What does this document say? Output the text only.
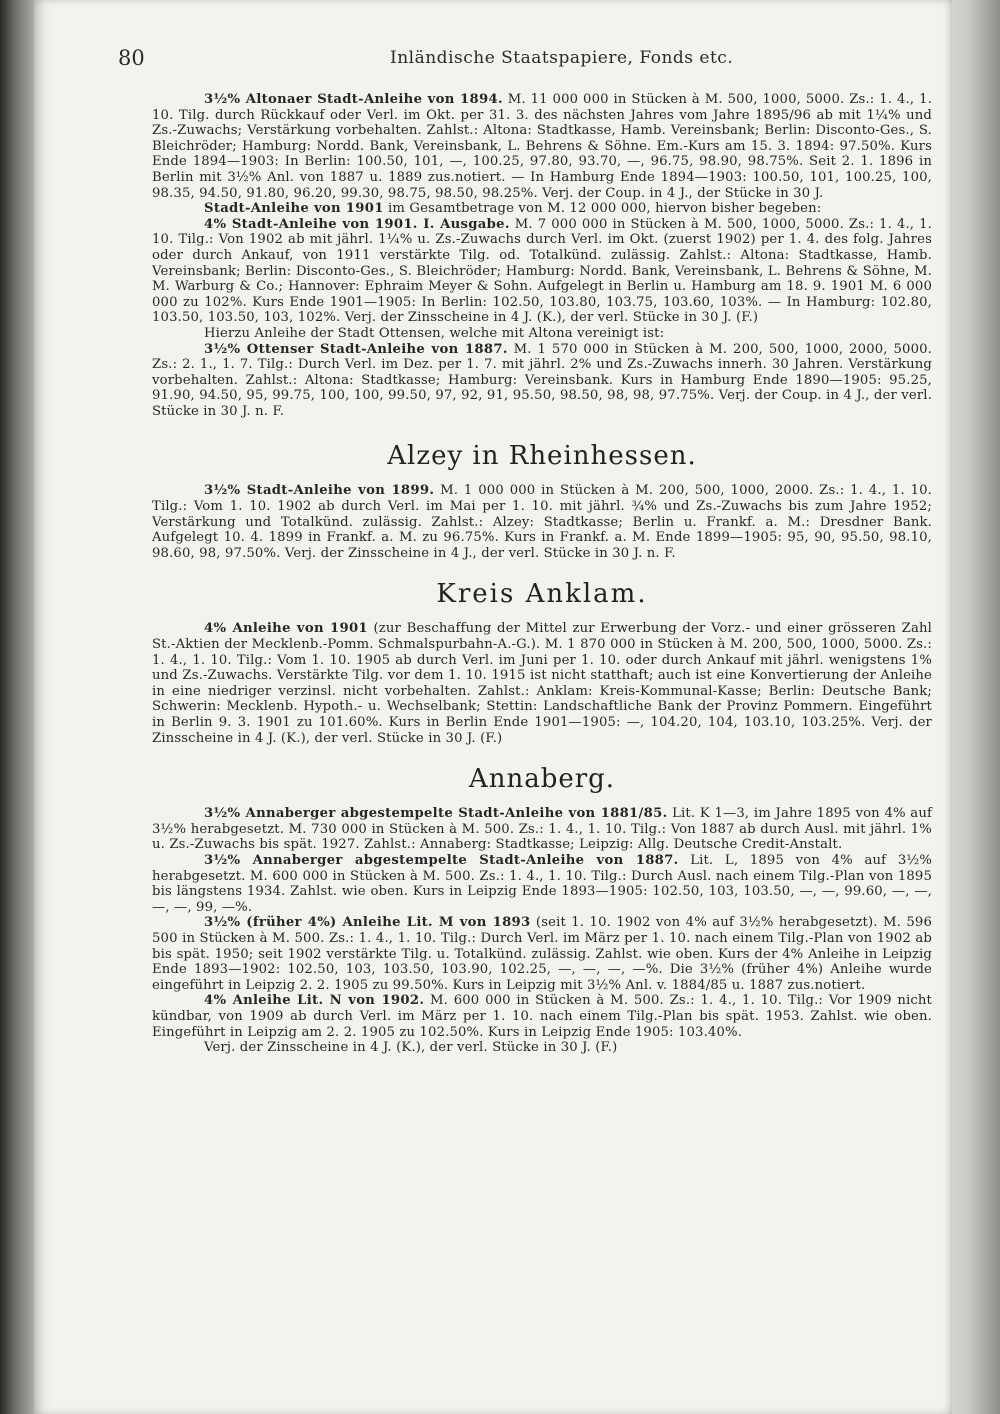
80	Inländische Staatspapiere, Fonds etc.

3½% Altonaer Stadt-Anleihe von 1894. M. 11 000 000 in Stücken à M. 500, 1000, 5000. Zs.: 1. 4., 1. 10. Tilg. durch Rückkauf oder Verl. im Okt. per 31. 3. des nächsten Jahres vom Jahre 1895/96 ab mit 1¼% und Zs.-Zuwachs; Verstärkung vorbehalten. Zahlst.: Altona: Stadtkasse, Hamb. Vereinsbank; Berlin: Disconto-Ges., S. Bleichröder; Hamburg: Nordd. Bank, Vereinsbank, L. Behrens & Söhne. Em.-Kurs am 15. 3. 1894: 97.50%. Kurs Ende 1894—1903: In Berlin: 100.50, 101, —, 100.25, 97.80, 93.70, —, 96.75, 98.90, 98.75%. Seit 2. 1. 1896 in Berlin mit 3½% Anl. von 1887 u. 1889 zus.notiert. — In Hamburg Ende 1894—1903: 100.50, 101, 100.25, 100, 98.35, 94.50, 91.80, 96.20, 99.30, 98.75, 98.50, 98.25%. Verj. der Coup. in 4 J., der Stücke in 30 J.

Stadt-Anleihe von 1901 im Gesamtbetrage von M. 12 000 000, hiervon bisher begeben:

4% Stadt-Anleihe von 1901. I. Ausgabe. M. 7 000 000 in Stücken à M. 500, 1000, 5000. Zs.: 1. 4., 1. 10. Tilg.: Von 1902 ab mit jährl. 1¼% u. Zs.-Zuwachs durch Verl. im Okt. (zuerst 1902) per 1. 4. des folg. Jahres oder durch Ankauf, von 1911 verstärkte Tilg. od. Totalkünd. zulässig. Zahlst.: Altona: Stadtkasse, Hamb. Vereinsbank; Berlin: Disconto-Ges., S. Bleichröder; Hamburg: Nordd. Bank, Vereinsbank, L. Behrens & Söhne, M. M. Warburg & Co.; Hannover: Ephraim Meyer & Sohn. Aufgelegt in Berlin u. Hamburg am 18. 9. 1901 M. 6 000 000 zu 102%. Kurs Ende 1901—1905: In Berlin: 102.50, 103.80, 103.75, 103.60, 103%. — In Hamburg: 102.80, 103.50, 103.50, 103, 102%. Verj. der Zinsscheine in 4 J. (K.), der verl. Stücke in 30 J. (F.)

Hierzu Anleihe der Stadt Ottensen, welche mit Altona vereinigt ist:

3½% Ottenser Stadt-Anleihe von 1887. M. 1 570 000 in Stücken à M. 200, 500, 1000, 2000, 5000. Zs.: 2. 1., 1. 7. Tilg.: Durch Verl. im Dez. per 1. 7. mit jährl. 2% und Zs.-Zuwachs innerh. 30 Jahren. Verstärkung vorbehalten. Zahlst.: Altona: Stadtkasse; Hamburg: Vereinsbank. Kurs in Hamburg Ende 1890—1905: 95.25, 91.90, 94.50, 95, 99.75, 100, 100, 99.50, 97, 92, 91, 95.50, 98.50, 98, 98, 97.75%. Verj. der Coup. in 4 J., der verl. Stücke in 30 J. n. F.

Alzey in Rheinhessen.

3½% Stadt-Anleihe von 1899. M. 1 000 000 in Stücken à M. 200, 500, 1000, 2000. Zs.: 1. 4., 1. 10. Tilg.: Vom 1. 10. 1902 ab durch Verl. im Mai per 1. 10. mit jährl. ¾% und Zs.-Zuwachs bis zum Jahre 1952; Verstärkung und Totalkünd. zulässig. Zahlst.: Alzey: Stadtkasse; Berlin u. Frankf. a. M.: Dresdner Bank. Aufgelegt 10. 4. 1899 in Frankf. a. M. zu 96.75%. Kurs in Frankf. a. M. Ende 1899—1905: 95, 90, 95.50, 98.10, 98.60, 98, 97.50%. Verj. der Zinsscheine in 4 J., der verl. Stücke in 30 J. n. F.

Kreis Anklam.

4% Anleihe von 1901 (zur Beschaffung der Mittel zur Erwerbung der Vorz.- und einer grösseren Zahl St.-Aktien der Mecklenb.-Pomm. Schmalspurbahn-A.-G.). M. 1 870 000 in Stücken à M. 200, 500, 1000, 5000. Zs.: 1. 4., 1. 10. Tilg.: Vom 1. 10. 1905 ab durch Verl. im Juni per 1. 10. oder durch Ankauf mit jährl. wenigstens 1% und Zs.-Zuwachs. Verstärkte Tilg. vor dem 1. 10. 1915 ist nicht statthaft; auch ist eine Konvertierung der Anleihe in eine niedriger verzinsl. nicht vorbehalten. Zahlst.: Anklam: Kreis-Kommunal-Kasse; Berlin: Deutsche Bank; Schwerin: Mecklenb. Hypoth.- u. Wechselbank; Stettin: Landschaftliche Bank der Provinz Pommern. Eingeführt in Berlin 9. 3. 1901 zu 101.60%. Kurs in Berlin Ende 1901—1905: —, 104.20, 104, 103.10, 103.25%. Verj. der Zinsscheine in 4 J. (K.), der verl. Stücke in 30 J. (F.)

Annaberg.

3½% Annaberger abgestempelte Stadt-Anleihe von 1881/85. Lit. K 1—3, im Jahre 1895 von 4% auf 3½% herabgesetzt. M. 730 000 in Stücken à M. 500. Zs.: 1. 4., 1. 10. Tilg.: Von 1887 ab durch Ausl. mit jährl. 1% u. Zs.-Zuwachs bis spät. 1927. Zahlst.: Annaberg: Stadtkasse; Leipzig: Allg. Deutsche Credit-Anstalt.

3½% Annaberger abgestempelte Stadt-Anleihe von 1887. Lit. L, 1895 von 4% auf 3½% herabgesetzt. M. 600 000 in Stücken à M. 500. Zs.: 1. 4., 1. 10. Tilg.: Durch Ausl. nach einem Tilg.-Plan von 1895 bis längstens 1934. Zahlst. wie oben. Kurs in Leipzig Ende 1893—1905: 102.50, 103, 103.50, —, —, 99.60, —, —, —, —, 99, —%.

3½% (früher 4%) Anleihe Lit. M von 1893 (seit 1. 10. 1902 von 4% auf 3½% herabgesetzt). M. 596 500 in Stücken à M. 500. Zs.: 1. 4., 1. 10. Tilg.: Durch Verl. im März per 1. 10. nach einem Tilg.-Plan von 1902 ab bis spät. 1950; seit 1902 verstärkte Tilg. u. Totalkünd. zulässig. Zahlst. wie oben. Kurs der 4% Anleihe in Leipzig Ende 1893—1902: 102.50, 103, 103.50, 103.90, 102.25, —, —, —, —%. Die 3½% (früher 4%) Anleihe wurde eingeführt in Leipzig 2. 2. 1905 zu 99.50%. Kurs in Leipzig mit 3½% Anl. v. 1884/85 u. 1887 zus.notiert.

4% Anleihe Lit. N von 1902. M. 600 000 in Stücken à M. 500. Zs.: 1. 4., 1. 10. Tilg.: Vor 1909 nicht kündbar, von 1909 ab durch Verl. im März per 1. 10. nach einem Tilg.-Plan bis spät. 1953. Zahlst. wie oben. Eingeführt in Leipzig am 2. 2. 1905 zu 102.50%. Kurs in Leipzig Ende 1905: 103.40%.

Verj. der Zinsscheine in 4 J. (K.), der verl. Stücke in 30 J. (F.)
